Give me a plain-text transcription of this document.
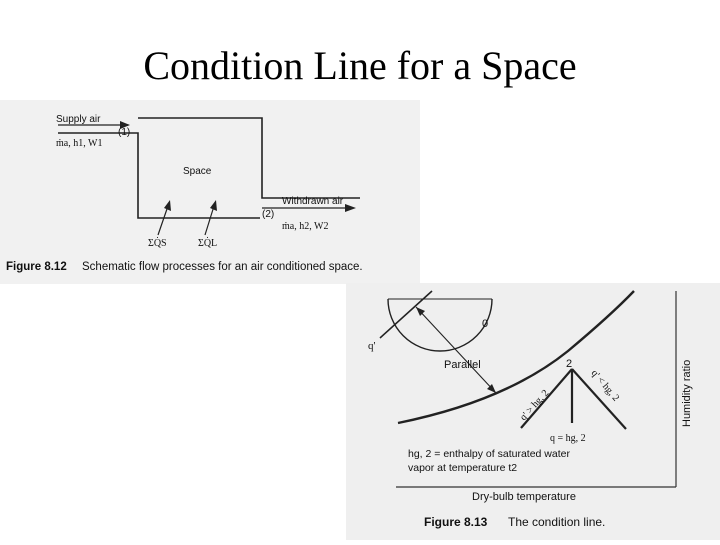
Condition Line for a Space
Supply air
ṁa, h1, W1
(1)
Space
Withdrawn air
(2)
ṁa, h2, W2
ΣQ̇S	ΣQ̇L
Figure 8.12 Schematic flow processes for an air conditioned space.
q'
0
Parallel	2
q' > hg, 2
q' < hg, 2
q = hg, 2
hg, 2 = enthalpy of saturated water
vapor at temperature t2
Dry-bulb temperature
Humidity ratio
Figure 8.13 The condition line.
